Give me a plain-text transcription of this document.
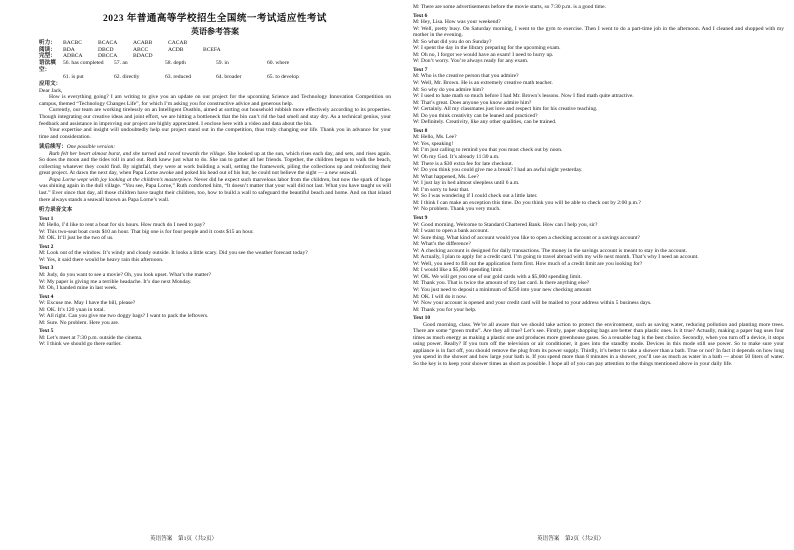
2023 年普通高等学校招生全国统一考试适应性考试
英语参考答案
听力：	BACBC	BCACA	ACABB	CACAB
阅读：	BDA	DBCD	ABCC	ACDB	BCEFA
完型：	ADBCA	DBCCA	BDACD
语法填空：
56. has completed	57. an	58. depth	59. in	60. where
61. is put	62. directly	63. reduced	64. broader	65. to develop
应用文：
Dear Jack,

How is everything going? I am writing to give you an update on our project for the upcoming Science and Technology Innovation Competition on campus, themed “Technology Changes Life”, for which I’m asking you for constructive advice and generous help.

Currently, our team are working tirelessly on an Intelligent Dustbin, aimed at sorting out household rubbish more effectively according to its properties. Though integrating our creative ideas and joint effort, we are hitting a bottleneck that the bin can’t rid the bad smell and stay dry. As a technical genius, your feedback and assistance in improving our project are highly appreciated. I enclose here with a video and data about the bin.

Your expertise and insight will undoubtedly help our project stand out in the competition, thus truly changing our life. Thank you in advance for your time and consideration.

读后续写：One possible version:

Ruth felt her heart almost burst, and she turned and raced towards the village. She looked up at the sun, which rises each day, and sets, and rises again. So does the moon and the tides roll in and out. Ruth knew just what to do. She ran to gather all her friends. Together, the children began to walk the beach, collecting whatever they could find. By nightfall, they were at work building a wall, setting the framework, piling the collections up and reinforcing their great project. At dawn the next day, when Papa Lorne awoke and poked his head out of his hut, he could not believe the sight — a new seawall.

Papa Lorne wept with joy looking at the children’s masterpiece. Never did he expect such marvelous labor from the children, but now the spark of hope was shining again in the dull village. “You see, Papa Lorne,” Ruth comforted him, “It doesn’t matter that your wall did not last. What you have taught us will last.” Ever since that day, all those children have taught their children, too, how to build a wall to safeguard the beautiful beach and home. And on that island there always stands a seawall known as Papa Lorne’s wall.

听力录音文本
Text 1
M: Hello, I’d like to rent a boat for six hours. How much do I need to pay?
W: This two-seat boat costs $10 an hour. That big one is for four people and it costs $15 an hour.
M: OK. It’ll just be the two of us.
Text 2
M: Look out of the window. It’s windy and cloudy outside. It looks a little scary. Did you see the weather forecast today?
W: Yes, it said there would be heavy rain this afternoon.
Text 3
M: Judy, do you want to see a movie? Oh, you look upset. What’s the matter?
W: My paper is giving me a terrible headache. It’s due next Monday.
M: Oh, I handed mine in last week.
Text 4
W: Excuse me. May I have the bill, please?
M: OK. It’s 120 yuan in total.
W: All right. Can you give me two doggy bags? I want to pack the leftovers.
M: Sure. No problem. Here you are.
Text 5
M: Let’s meet at 7:30 p.m. outside the cinema.
W: I think we should go there earlier.
英语答案　第1页（共2页）
M: There are some advertisements before the movie starts, so 7:30 p.m. is a good time.
Text 6
M: Hey, Lisa. How was your weekend?
W: Well, pretty busy. On Saturday morning, I went to the gym to exercise. Then I went to do a part-time job in the afternoon. And I cleaned and shopped with my mother in the evening.
M: So what did you do on Sunday?
W: I spent the day in the library preparing for the upcoming exam.
M: Oh no, I forgot we would have an exam! I need to hurry up.
W: Don’t worry. You’re always ready for any exam.
Text 7
M: Who is the creative person that you admire?
W: Well, Mr. Brown. He is an extremely creative math teacher.
M: So why do you admire him?
W: I used to hate math so much before I had Mr. Brown’s lessons. Now I find math quite attractive.
M: That’s great. Does anyone you know admire him?
W: Certainly. All my classmates just love and respect him for his creative teaching.
M: Do you think creativity can be leaned and practiced?
W: Definitely. Creativity, like any other qualities, can be trained.
Text 8
M: Hello, Ms. Lee?
W: Yes, speaking!
M: I’m just calling to remind you that you must check out by noon.
W: Oh my God. It’s already 11:30 a.m.
M: There is a $30 extra fee for late checkout.
W: Do you think you could give me a break? I had an awful night yesterday.
M: What happened, Ms. Lee?
W: I just lay in bed almost sleepless until 6 a.m.
M: I’m sorry to hear that.
W: So I was wondering if I could check out a little later.
M: I think I can make an exception this time. Do you think you will be able to check out by 2:00 p.m.?
W: No problem. Thank you very much.
Text 9
W: Good morning. Welcome to Standard Chartered Bank. How can I help you, sir?
M: I want to open a bank account.
W: Sure thing. What kind of account would you like to open a checking account or a savings account?
M: What’s the difference?
W: A checking account is designed for daily transactions. The money in the savings account is meant to stay in the account.
M: Actually, I plan to apply for a credit card. I’m going to travel abroad with my wife next month. That’s why I need an account.
W: Well, you need to fill out the application form first. How much of a credit limit are you looking for?
M: I would like a $5,000 spending limit.
W: OK. We will get you one of our gold cards with a $5,000 spending limit.
M: Thank you. That is twice the amount of my last card. Is there anything else?
W: You just need to deposit a minimum of $250 into your new checking amount
M: OK. I will do it now.
W: Now your account is opened and your credit card will be mailed to your address within 5 business days.
M: Thank you for your help.
Text 10

Good morning, class. We’re all aware that we should take action to protect the environment, such as saving water, reducing pollution and planting more trees. There are some “green truths”. Are they all true? Let’s see. Firstly, paper shopping bags are better than plastic ones. Is it true? Actually, making a paper bag uses four times as much energy as making a plastic one and produces more greenhouse gases. So a reusable bag is the best choice. Secondly, when you turn off a device, it stops using power. Really? If you turn off the television or air conditioner, it goes into the standby mode. Devices in this mode still use power. So to make sure your appliance is in fact off, you should remove the plug from its power supply. Thirdly, it’s better to take a shower than a bath. True or not? In fact it depends on how long you spend in the shower and how large your bath is. If you spend more than 8 minutes in a shower, you’ll use as much as water in a bath — about 50 liters of water. So the key is to keep your shower times as short as possible. I hope all of you can pay attention to the things mentioned above in your daily life.

英语答案　第2页（共2页）
